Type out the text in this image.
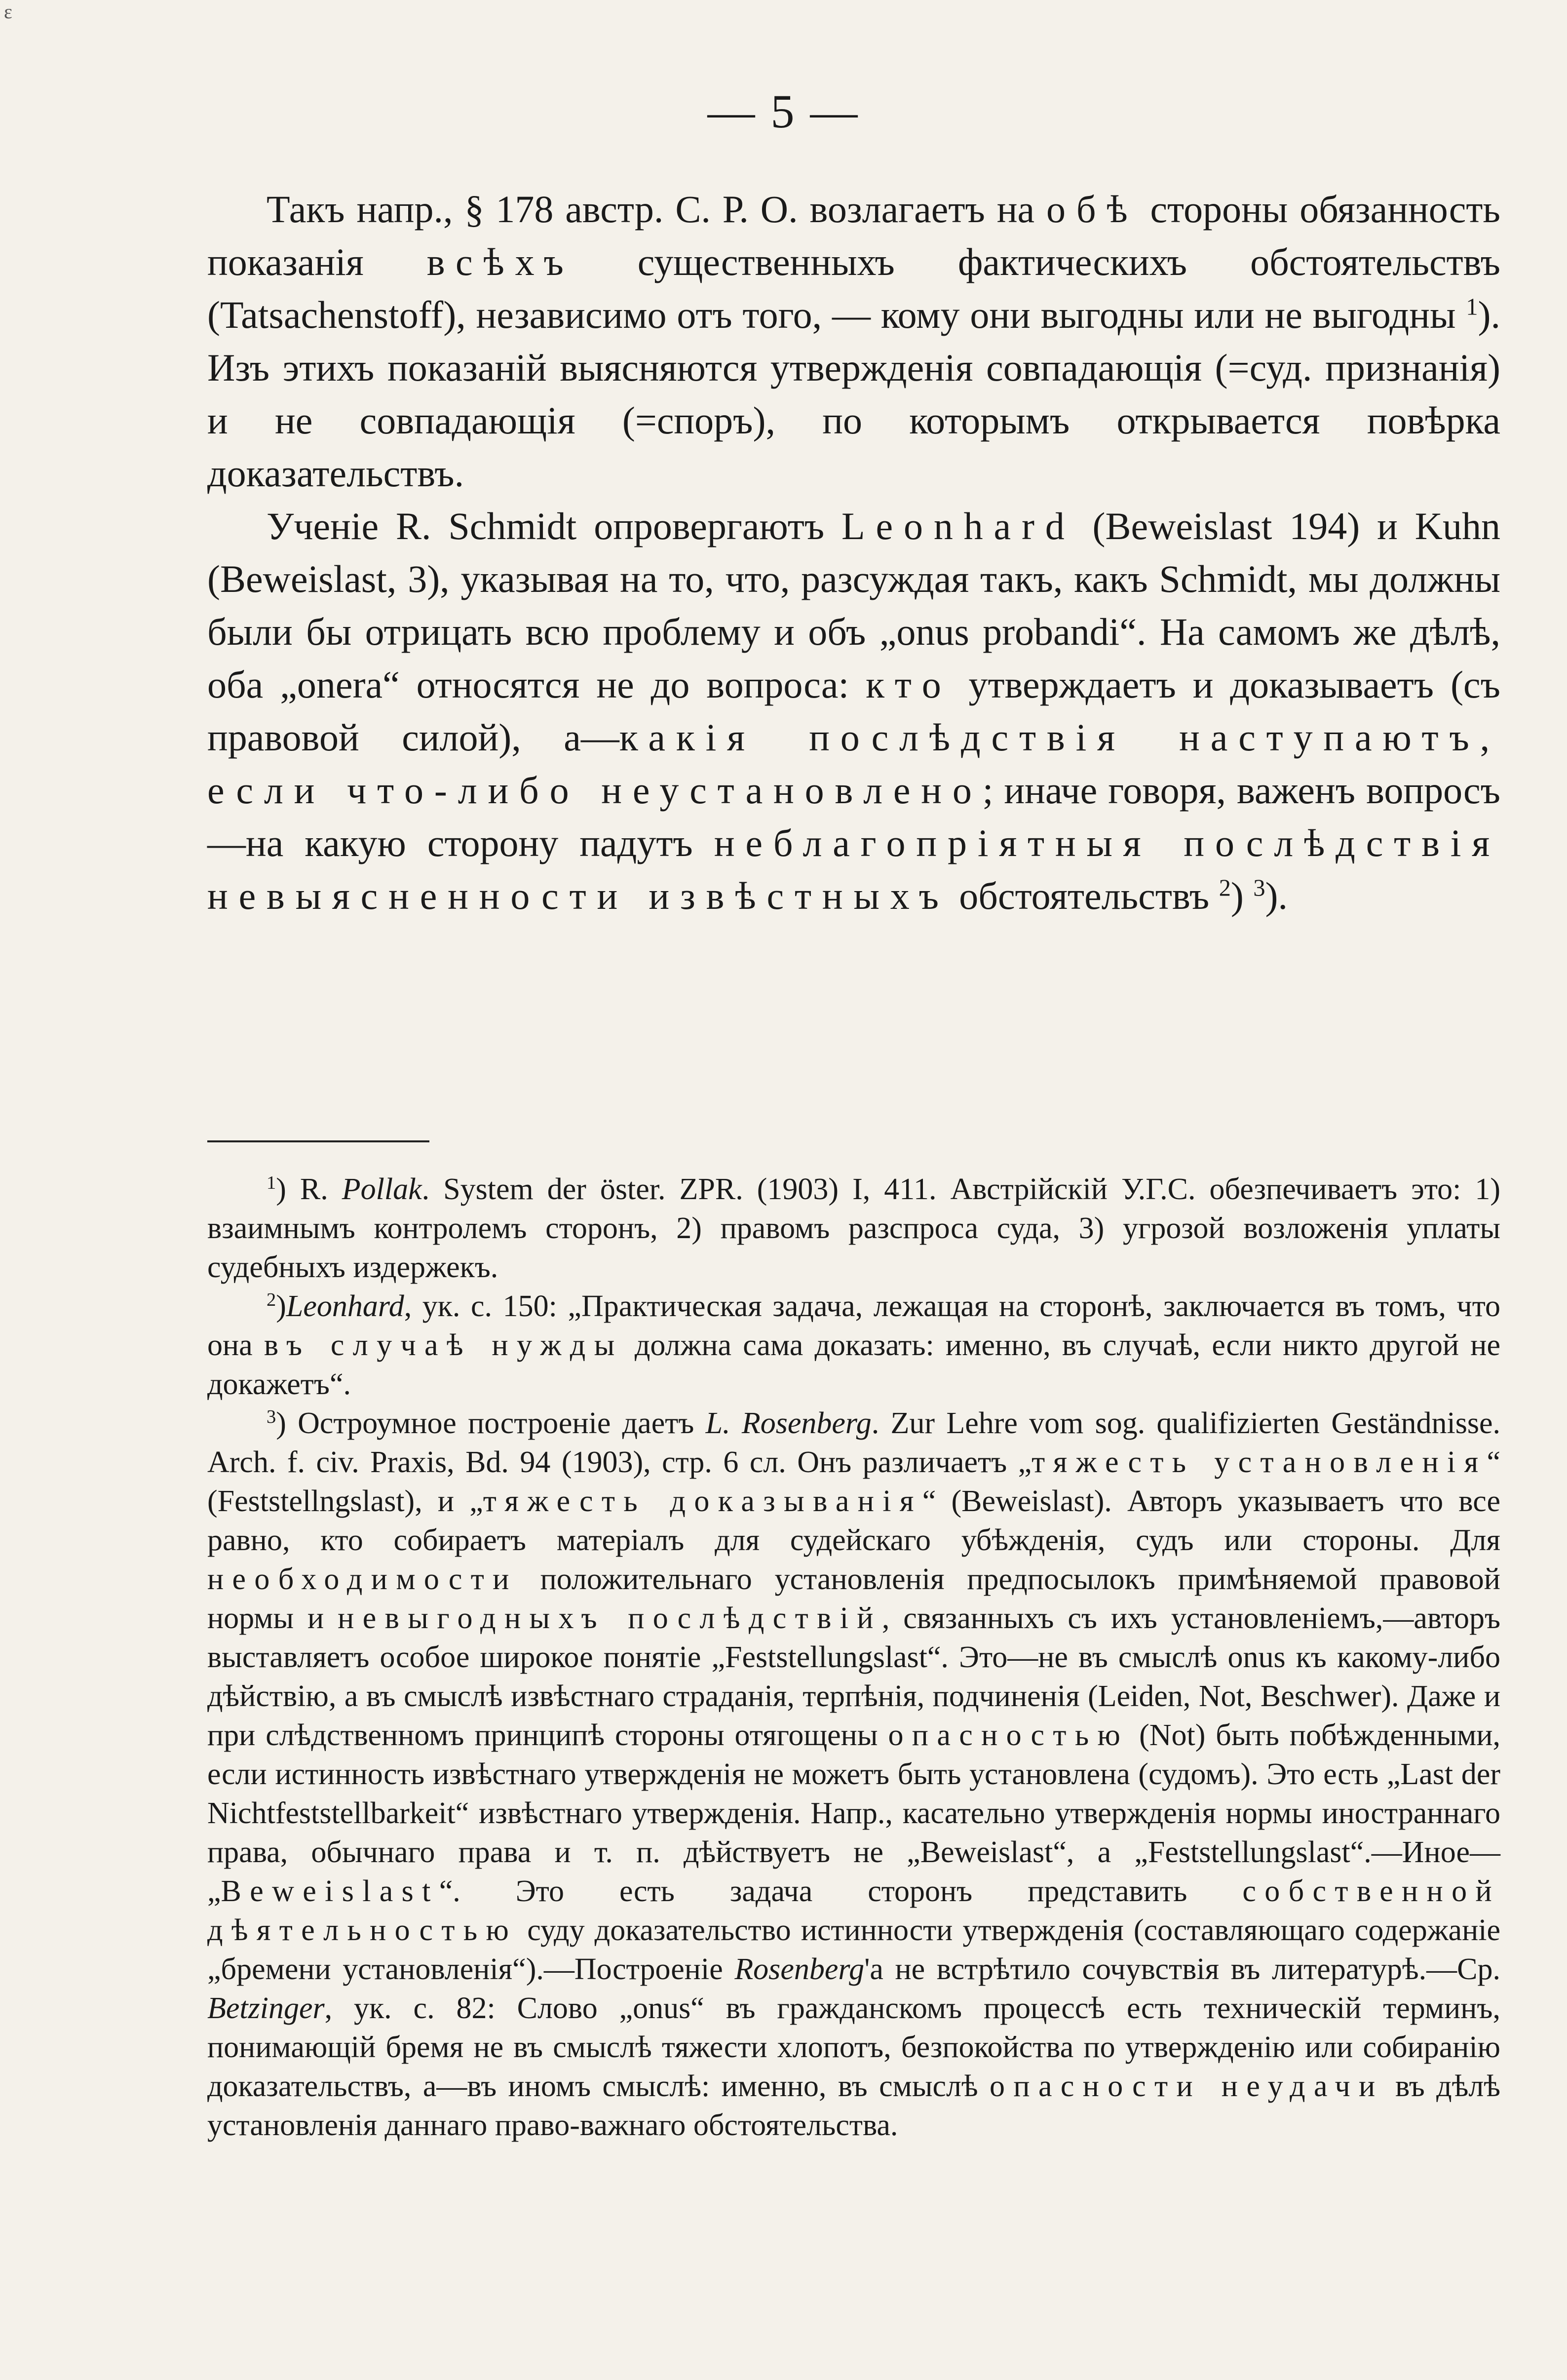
ε
— 5 —

Такъ напр., § 178 австр. С. Р. О. возлагаетъ на обѣ стороны обязанность показанія всѣхъ существенныхъ фактическихъ обстоятельствъ (Tatsachenstoff), независимо отъ того, — кому они выгодны или не выгодны $^1$). Изъ этихъ показаній выясняются утвержденія совпадающія (=суд. признанія) и не совпадающія (=споръ), по которымъ открывается повѣрка доказательствъ.

Ученіе R. Schmidt опровергаютъ Leonhard (Beweislast 194) и Kuhn (Beweislast, 3), указывая на то, что, разсуждая такъ, какъ Schmidt, мы должны были бы отрицать всю проблему и объ „onus probandi“. На самомъ же дѣлѣ, оба „onera“ относятся не до вопроса: кто утверждаетъ и доказываетъ (съ правовой силой), а—какія послѣдствія наступаютъ, если что-либо неустановлено; иначе говоря, важенъ вопросъ—на какую сторону падутъ неблагопріятныя послѣдствія невыясненности извѣстныхъ обстоятельствъ $^2$) $^3$).

$^1$) R. Pollak. System der öster. ZPR. (1903) I, 411. Австрійскій У.Г.С. обезпечиваетъ это: 1) взаимнымъ контролемъ сторонъ, 2) правомъ разспроса суда, 3) угрозой возложенія уплаты судебныхъ издержекъ.

$^2$)Leonhard, ук. с. 150: „Практическая задача, лежащая на сторонѣ, заключается въ томъ, что она въ случаѣ нужды должна сама доказать: именно, въ случаѣ, если никто другой не докажетъ“.

$^3$) Остроумное построеніе даетъ L. Rosenberg. Zur Lehre vom sog. qualifizierten Geständnisse. Arch. f. civ. Praxis, Bd. 94 (1903), стр. 6 сл. Онъ различаетъ „тяжесть установленія“ (Feststellngslast), и „тяжесть доказыванія“ (Beweislast). Авторъ указываетъ что все равно, кто собираетъ матеріалъ для судейскаго убѣжденія, судъ или стороны. Для необходимости положительнаго установленія предпосылокъ примѣняемой правовой нормы и невыгодныхъ послѣдствій, связанныхъ съ ихъ установленіемъ,—авторъ выставляетъ особое широкое понятіе „Feststellungslast“. Это—не въ смыслѣ onus къ какому-либо дѣйствію, а въ смыслѣ извѣстнаго страданія, терпѣнія, подчиненія (Leiden, Not, Beschwer). Даже и при слѣдственномъ принципѣ стороны отягощены опасностью (Not) быть побѣжденными, если истинность извѣстнаго утвержденія не можетъ быть установлена (судомъ). Это есть „Last der Nichtfeststellbarkeit“ извѣстнаго утвержденія. Напр., касательно утвержденія нормы иностраннаго права, обычнаго права и т. п. дѣйствуетъ не „Beweislast“, а „Feststellungslast“.—Иное—„Beweislast“. Это есть задача сторонъ представить собственной дѣятельностью суду доказательство истинности утвержденія (составляющаго содержаніе „бремени установленія“).—Построеніе Rosenberg'а не встрѣтило сочувствія въ литературѣ.—Ср. Betzinger, ук. с. 82: Слово „onus“ въ гражданскомъ процессѣ есть техническій терминъ, понимающій бремя не въ смыслѣ тяжести хлопотъ, безпокойства по утвержденію или собиранію доказательствъ, а—въ иномъ смыслѣ: именно, въ смыслѣ опасности неудачи въ дѣлѣ установленія даннаго право-важнаго обстоятельства.
